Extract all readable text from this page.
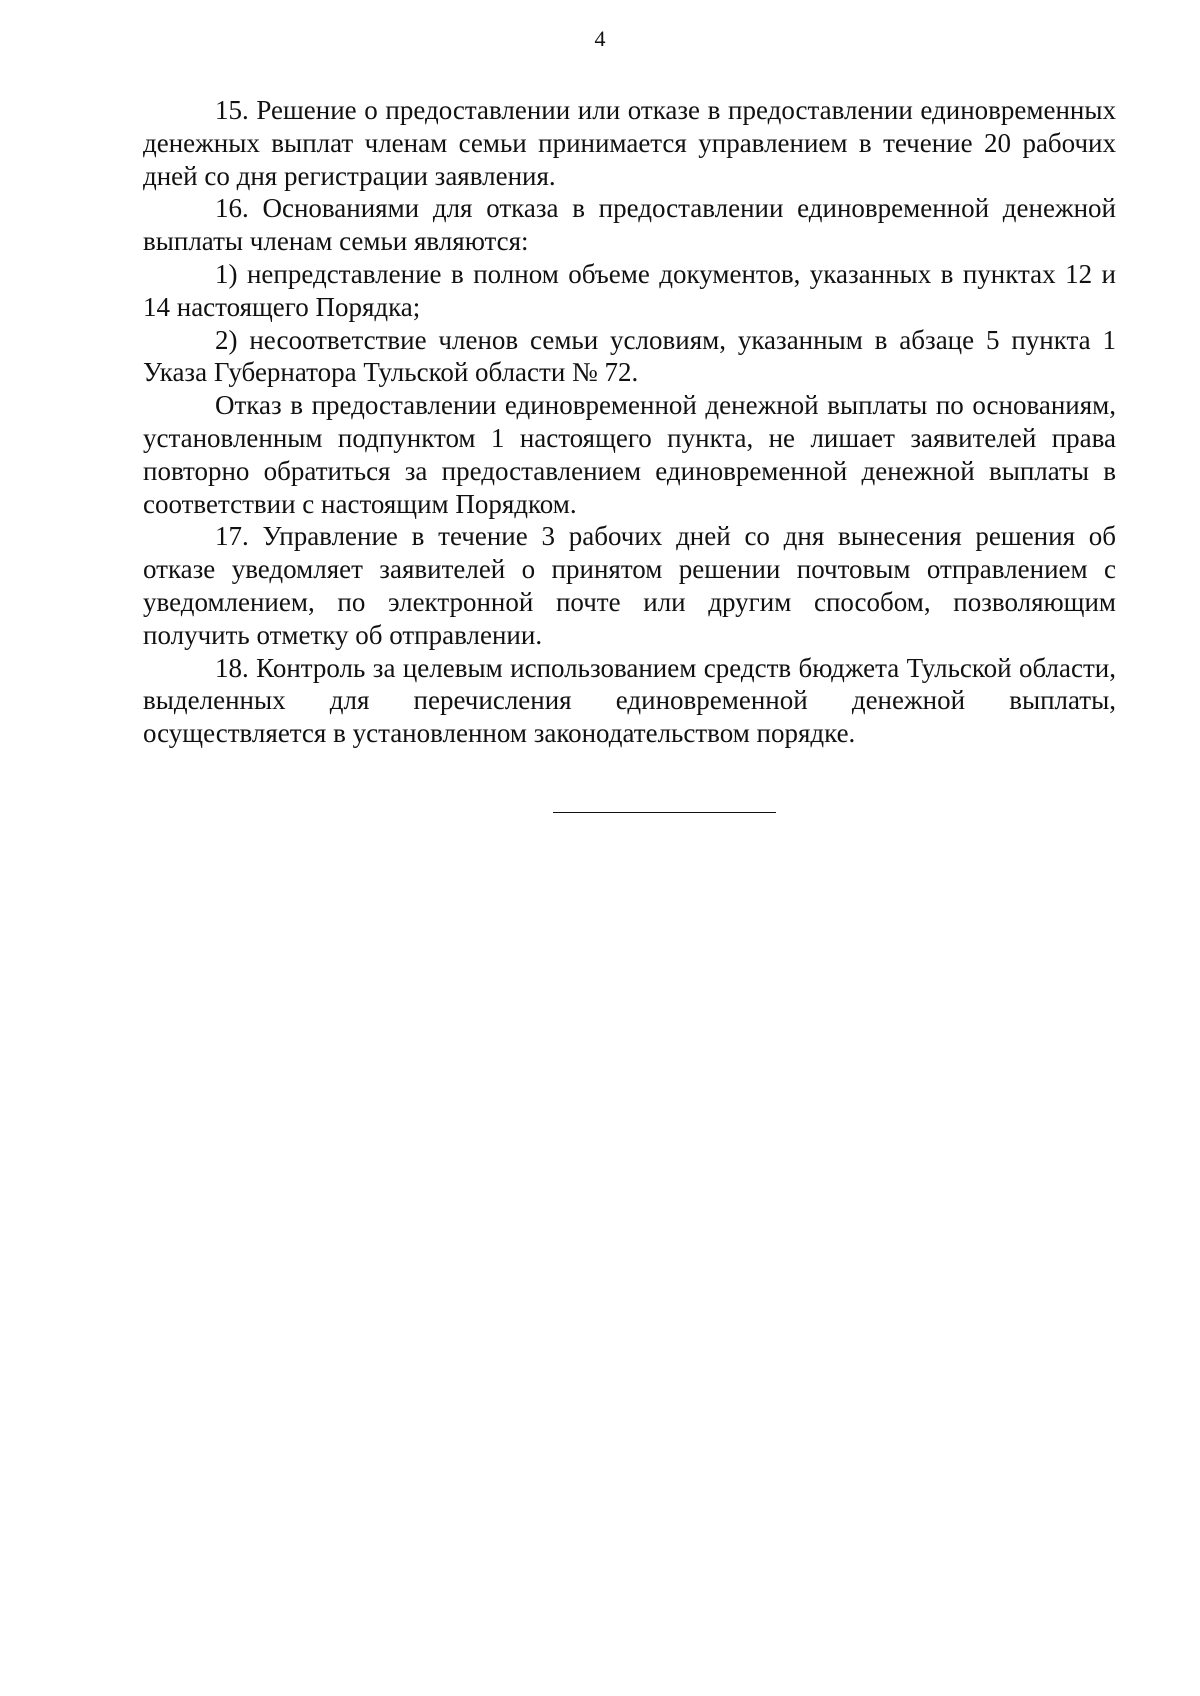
4

15. Решение о предоставлении или отказе в предоставлении единовременных денежных выплат членам семьи принимается управлением в течение 20 рабочих дней со дня регистрации заявления.

16. Основаниями для отказа в предоставлении единовременной денежной выплаты членам семьи являются:

1) непредставление в полном объеме документов, указанных в пунктах 12 и 14 настоящего Порядка;

2) несоответствие членов семьи условиям, указанным в абзаце 5 пункта 1 Указа Губернатора Тульской области № 72.

Отказ в предоставлении единовременной денежной выплаты по основаниям, установленным подпунктом 1 настоящего пункта, не лишает заявителей права повторно обратиться за предоставлением единовременной денежной выплаты в соответствии с настоящим Порядком.

17. Управление в течение 3 рабочих дней со дня вынесения решения об отказе уведомляет заявителей о принятом решении почтовым отправлением с уведомлением, по электронной почте или другим способом, позволяющим получить отметку об отправлении.

18. Контроль за целевым использованием средств бюджета Тульской области, выделенных для перечисления единовременной денежной выплаты, осуществляется в установленном законодательством порядке.
